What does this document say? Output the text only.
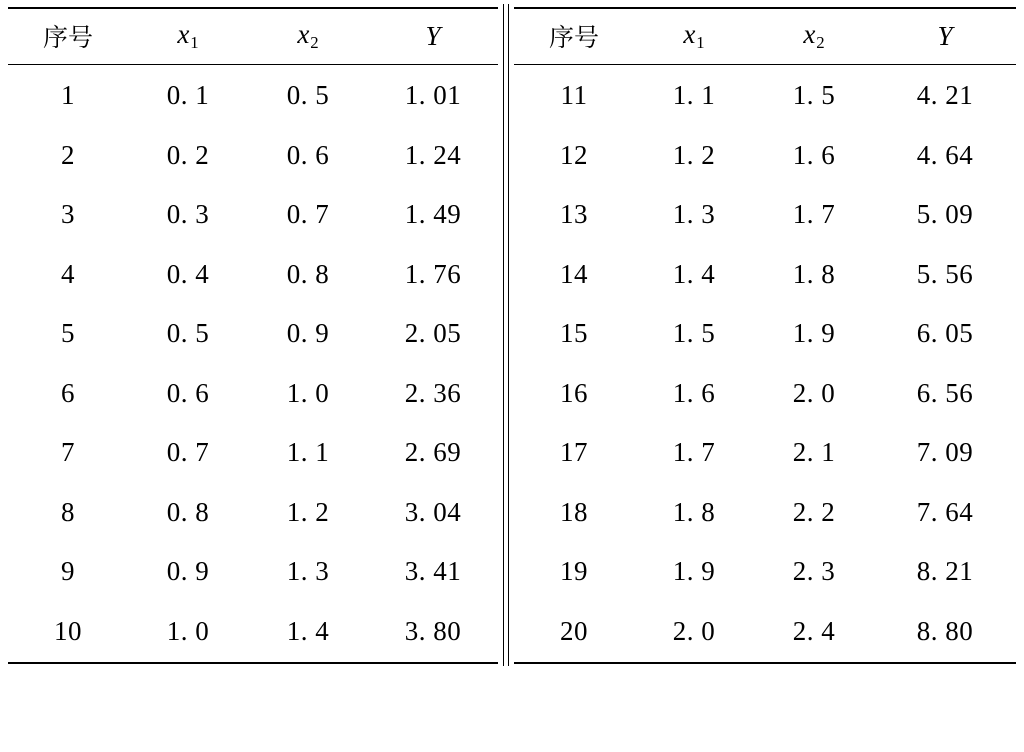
序号	$x_1$	$x_2$	Y		序号	$x_1$	$x_2$	Y

1	0. 1	0. 5	1. 01		11	1. 1	1. 5	4. 21
2	0. 2	0. 6	1. 24		12	1. 2	1. 6	4. 64
3	0. 3	0. 7	1. 49		13	1. 3	1. 7	5. 09
4	0. 4	0. 8	1. 76		14	1. 4	1. 8	5. 56
5	0. 5	0. 9	2. 05		15	1. 5	1. 9	6. 05
6	0. 6	1. 0	2. 36		16	1. 6	2. 0	6. 56
7	0. 7	1. 1	2. 69		17	1. 7	2. 1	7. 09
8	0. 8	1. 2	3. 04		18	1. 8	2. 2	7. 64
9	0. 9	1. 3	3. 41		19	1. 9	2. 3	8. 21
10	1. 0	1. 4	3. 80		20	2. 0	2. 4	8. 80
